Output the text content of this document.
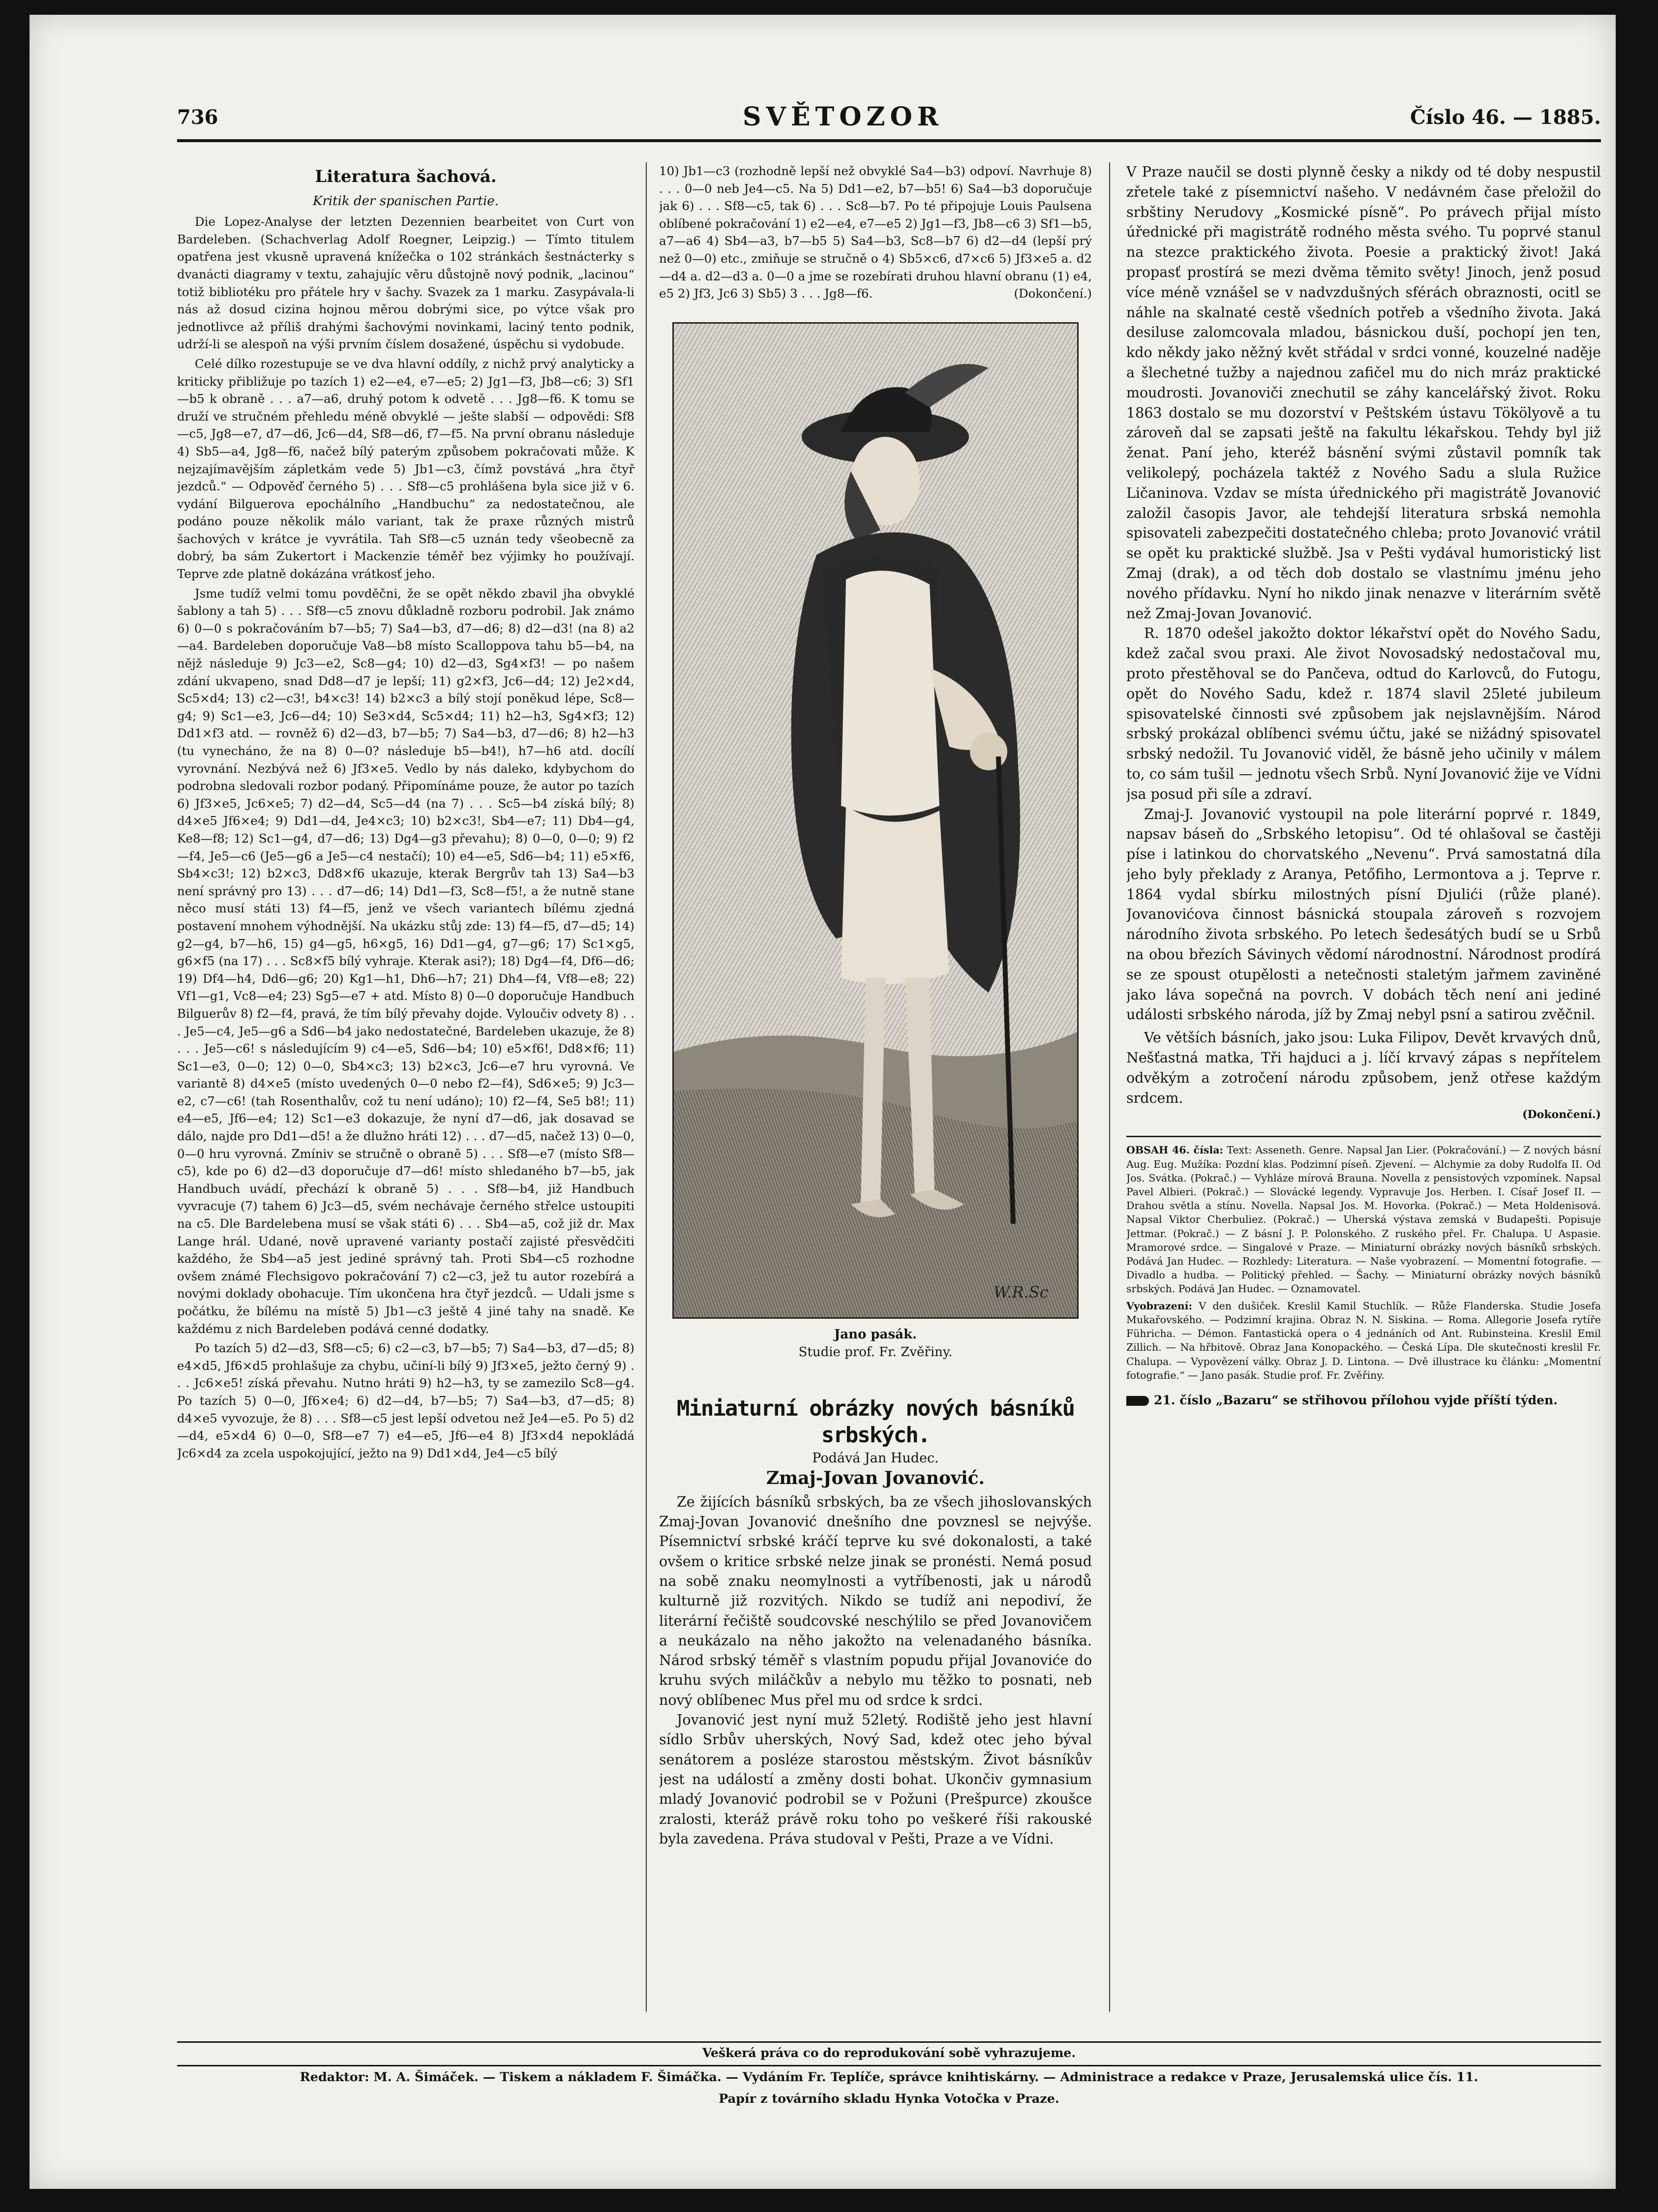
736	SVĚTOZOR	Číslo 46. — 1885.
Literatura šachová.
Kritik der spanischen Partie.

Die Lopez-Analyse der letzten Dezennien bearbeitet von Curt von Bardeleben. (Schachverlag Adolf Roegner, Leipzig.) — Tímto titulem opatřena jest vkusně upravená knížečka o 102 stránkách šestnácterky s dvanácti diagramy v textu, zahajujíc věru důstojně nový podnik, „lacinou“ totiž bibliotéku pro přátele hry v šachy. Svazek za 1 marku. Zasypávala-li nás až dosud cizina hojnou měrou dobrými sice, po výtce však pro jednotlivce až příliš drahými šachovými novinkami, laciný tento podnik, udrží-li se alespoň na výši prvním číslem dosažené, úspěchu si vydobude.

Celé dílko rozestupuje se ve dva hlavní oddíly, z nichž prvý analyticky a kriticky přibližuje po tazích 1) e2—e4, e7—e5; 2) Jg1—f3, Jb8—c6; 3) Sf1—b5 k obraně . . . a7—a6, druhý potom k odvetě . . . Jg8—f6. K tomu se druží ve stručném přehledu méně obvyklé — ješte slabší — odpovědi: Sf8—c5, Jg8—e7, d7—d6, Jc6—d4, Sf8—d6, f7—f5. Na první obranu následuje 4) Sb5—a4, Jg8—f6, načež bílý paterým způsobem pokračovati může. K nejzajímavějším zápletkám vede 5) Jb1—c3, čímž povstává „hra čtyř jezdců.“ — Odpověď černého 5) . . . Sf8—c5 prohlášena byla sice již v 6. vydání Bilguerova epochálního „Handbuchu“ za nedostatečnou, ale podáno pouze několik málo variant, tak že praxe různých mistrů šachových v krátce je vyvrátila. Tah Sf8—c5 uznán tedy všeobecně za dobrý, ba sám Zukertort i Mackenzie téměř bez výjimky ho používají. Teprve zde platně dokázána vrátkosť jeho.

Jsme tudíž velmi tomu povděčni, že se opět někdo zbavil jha obvyklé šablony a tah 5) . . . Sf8—c5 znovu důkladně rozboru podrobil. Jak známo 6) 0—0 s pokračováním b7—b5; 7) Sa4—b3, d7—d6; 8) d2—d3! (na 8) a2—a4. Bardeleben doporučuje Va8—b8 místo Scalloppova tahu b5—b4, na nějž následuje 9) Jc3—e2, Sc8—g4; 10) d2—d3, Sg4×f3! — po našem zdání ukvapeno, snad Dd8—d7 je lepší; 11) g2×f3, Jc6—d4; 12) Je2×d4, Sc5×d4; 13) c2—c3!, b4×c3! 14) b2×c3 a bílý stojí poněkud lépe, Sc8—g4; 9) Sc1—e3, Jc6—d4; 10) Se3×d4, Sc5×d4; 11) h2—h3, Sg4×f3; 12) Dd1×f3 atd. — rovněž 6) d2—d3, b7—b5; 7) Sa4—b3, d7—d6; 8) h2—h3 (tu vynecháno, že na 8) 0—0? následuje b5—b4!), h7—h6 atd. docílí vyrovnání. Nezbývá než 6) Jf3×e5. Vedlo by nás daleko, kdybychom do podrobna sledovali rozbor podaný. Připomínáme pouze, že autor po tazích 6) Jf3×e5, Jc6×e5; 7) d2—d4, Sc5—d4 (na 7) . . . Sc5—b4 získá bílý; 8) d4×e5 Jf6×e4; 9) Dd1—d4, Je4×c3; 10) b2×c3!, Sb4—e7; 11) Db4—g4, Ke8—f8; 12) Sc1—g4, d7—d6; 13) Dg4—g3 převahu); 8) 0—0, 0—0; 9) f2—f4, Je5—c6 (Je5—g6 a Je5—c4 nestačí); 10) e4—e5, Sd6—b4; 11) e5×f6, Sb4×c3!; 12) b2×c3, Dd8×f6 ukazuje, kterak Bergrův tah 13) Sa4—b3 není správný pro 13) . . . d7—d6; 14) Dd1—f3, Sc8—f5!, a že nutně stane něco musí státi 13) f4—f5, jenž ve všech variantech bílému zjedná postavení mnohem výhodnější. Na ukázku stůj zde: 13) f4—f5, d7—d5; 14) g2—g4, b7—h6, 15) g4—g5, h6×g5, 16) Dd1—g4, g7—g6; 17) Sc1×g5, g6×f5 (na 17) . . . Sc8×f5 bílý vyhraje. Kterak asi?); 18) Dg4—f4, Df6—d6; 19) Df4—h4, Dd6—g6; 20) Kg1—h1, Dh6—h7; 21) Dh4—f4, Vf8—e8; 22) Vf1—g1, Vc8—e4; 23) Sg5—e7 + atd. Místo 8) 0—0 doporučuje Handbuch Bilguerův 8) f2—f4, pravá, že tím bílý převahy dojde. Vyloučiv odvety 8) . . . Je5—c4, Je5—g6 a Sd6—b4 jako nedostatečné, Bardeleben ukazuje, že 8) . . . Je5—c6! s následujícím 9) c4—e5, Sd6—b4; 10) e5×f6!, Dd8×f6; 11) Sc1—e3, 0—0; 12) 0—0, Sb4×c3; 13) b2×c3, Jc6—e7 hru vyrovná. Ve variantě 8) d4×e5 (místo uvedených 0—0 nebo f2—f4), Sd6×e5; 9) Jc3—e2, c7—c6! (tah Rosenthalův, což tu není udáno); 10) f2—f4, Se5 b8!; 11) e4—e5, Jf6—e4; 12) Sc1—e3 dokazuje, že nyní d7—d6, jak dosavad se dálo, najde pro Dd1—d5! a že dlužno hráti 12) . . . d7—d5, načež 13) 0—0, 0—0 hru vyrovná. Zmíniv se stručně o obraně 5) . . . Sf8—e7 (místo Sf8—c5), kde po 6) d2—d3 doporučuje d7—d6! místo shledaného b7—b5, jak Handbuch uvádí, přechází k obraně 5) . . . Sf8—b4, již Handbuch vyvracuje (7) tahem 6) Jc3—d5, svém nechávaje černého střelce ustoupiti na c5. Dle Bardelebena musí se však státi 6) . . . Sb4—a5, což již dr. Max Lange hrál. Udané, nově upravené varianty postačí zajisté přesvědčiti každého, že Sb4—a5 jest jediné správný tah. Proti Sb4—c5 rozhodne ovšem známé Flechsigovo pokračování 7) c2—c3, jež tu autor rozebírá a novými doklady obohacuje. Tím ukončena hra čtyř jezdců. — Udali jsme s počátku, že bílému na místě 5) Jb1—c3 ještě 4 jiné tahy na snadě. Ke každému z nich Bardeleben podává cenné dodatky.

Po tazích 5) d2—d3, Sf8—c5; 6) c2—c3, b7—b5; 7) Sa4—b3, d7—d5; 8) e4×d5, Jf6×d5 prohlašuje za chybu, učiní-li bílý 9) Jf3×e5, ježto černý 9) . . . Jc6×e5! získá převahu. Nutno hráti 9) h2—h3, ty se zamezilo Sc8—g4. Po tazích 5) 0—0, Jf6×e4; 6) d2—d4, b7—b5; 7) Sa4—b3, d7—d5; 8) d4×e5 vyvozuje, že 8) . . . Sf8—c5 jest lepší odvetou než Je4—e5. Po 5) d2—d4, e5×d4 6) 0—0, Sf8—e7 7) e4—e5, Jf6—e4 8) Jf3×d4 nepokládá Jc6×d4 za zcela uspokojující, ježto na 9) Dd1×d4, Je4—c5 bílý

10) Jb1—c3 (rozhodně lepší než obvyklé Sa4—b3) odpoví. Navrhuje 8) . . . 0—0 neb Je4—c5. Na 5) Dd1—e2, b7—b5! 6) Sa4—b3 doporučuje jak 6) . . . Sf8—c5, tak 6) . . . Sc8—b7. Po té připojuje Louis Paulsena oblíbené pokračování 1) e2—e4, e7—e5 2) Jg1—f3, Jb8—c6 3) Sf1—b5, a7—a6 4) Sb4—a3, b7—b5 5) Sa4—b3, Sc8—b7 6) d2—d4 (lepší prý než 0—0) etc., zmiňuje se stručně o 4) Sb5×c6, d7×c6 5) Jf3×e5 a. d2—d4 a. d2—d3 a. 0—0 a jme se rozebírati druhou hlavní obranu (1) e4, e5 2) Jf3, Jc6 3) Sb5) 3 . . . Jg8—f6.	(Dokončení.)
W.R.Sc
Jano pasák.
Studie prof. Fr. Zvěřiny.
Miniaturní obrázky nových básníků srbských.
Podává Jan Hudec.
Zmaj-Jovan Jovanović.

Ze žijících básníků srbských, ba ze všech jihoslovanských Zmaj-Jovan Jovanović dnešního dne povznesl se nejvýše. Písemnictví srbské kráčí teprve ku své dokonalosti, a také ovšem o kritice srbské nelze jinak se pronésti. Nemá posud na sobě znaku neomylnosti a vytříbenosti, jak u národů kulturně již rozvitých. Nikdo se tudíž ani nepodiví, že literární řečiště soudcovské neschýlilo se před Jovanovičem a neukázalo na něho jakožto na velenadaného básníka. Národ srbský téměř s vlastním popudu přijal Jovanoviće do kruhu svých miláčkův a nebylo mu těžko to posnati, neb nový oblíbenec Mus přel mu od srdce k srdci.

Jovanović jest nyní muž 52letý. Rodiště jeho jest hlavní sídlo Srbův uherských, Nový Sad, kdež otec jeho býval senátorem a posléze starostou městským. Život básníkův jest na událostí a změny dosti bohat. Ukončiv gymnasium mladý Jovanović podrobil se v Požuni (Prešpurce) zkoušce zralosti, kteráž právě roku toho po veškeré říši rakouské byla zavedena. Práva studoval v Pešti, Praze a ve Vídni.

V Praze naučil se dosti plynně česky a nikdy od té doby nespustil zřetele také z písemnictví našeho. V nedávném čase přeložil do srbštiny Nerudovy „Kosmické písně“. Po právech přijal místo úřednické při magistrátě rodného města svého. Tu poprvé stanul na stezce praktického života. Poesie a praktický život! Jaká propasť prostírá se mezi dvěma těmito světy! Jinoch, jenž posud více méně vznášel se v nadvzdušných sférách obraznosti, ocitl se náhle na skalnaté cestě všedních potřeb a všedního života. Jaká desiluse zalomcovala mladou, básnickou duší, pochopí jen ten, kdo někdy jako něžný květ střádal v srdci vonné, kouzelné naděje a šlechetné tužby a najednou zafičel mu do nich mráz praktické moudrosti. Jovanoviči znechutil se záhy kancelářský život. Roku 1863 dostalo se mu dozorství v Peštském ústavu Tökölyově a tu zároveň dal se zapsati ještě na fakultu lékařskou. Tehdy byl již ženat. Paní jeho, kteréž básnění svými zůstavil pomník tak velikolepý, pocházela taktéž z Nového Sadu a slula Ružice Ličaninova. Vzdav se místa úřednického při magistrátě Jovanović založil časopis Javor, ale tehdejší literatura srbská nemohla spisovateli zabezpečiti dostatečného chleba; proto Jovanović vrátil se opět ku praktické službě. Jsa v Pešti vydával humoristický list Zmaj (drak), a od těch dob dostalo se vlastnímu jménu jeho nového přídavku. Nyní ho nikdo jinak nenazve v literárním světě než Zmaj-Jovan Jovanović.

R. 1870 odešel jakožto doktor lékařství opět do Nového Sadu, kdež začal svou praxi. Ale život Novosadský nedostačoval mu, proto přestěhoval se do Pančeva, odtud do Karlovců, do Futogu, opět do Nového Sadu, kdež r. 1874 slavil 25leté jubileum spisovatelské činnosti své způsobem jak nejslavnějším. Národ srbský prokázal oblíbenci svému účtu, jaké se nižádný spisovatel srbský nedožil. Tu Jovanović viděl, že básně jeho učinily v málem to, co sám tušil — jednotu všech Srbů. Nyní Jovanović žije ve Vídni jsa posud při síle a zdraví.

Zmaj-J. Jovanović vystoupil na pole literární poprvé r. 1849, napsav báseň do „Srbského letopisu“. Od té ohlašoval se častěji píse i latinkou do chorvatského „Nevenu“. Prvá samostatná díla jeho byly překlady z Aranya, Petőfiho, Lermontova a j. Teprve r. 1864 vydal sbírku milostných písní Djulići (růže plané). Jovanovićova činnost básnická stoupala zároveň s rozvojem národního života srbského. Po letech šedesátých budí se u Srbů na obou březích Sávinych vědomí národnostní. Národnost prodírá se ze spoust otupělosti a netečnosti staletým jařmem zaviněné jako láva sopečná na povrch. V dobách těch není ani jediné události srbského národa, jíž by Zmaj nebyl psní a satirou zvěčnil.

Ve větších básních, jako jsou: Luka Filipov, Devět krvavých dnů, Nešťastná matka, Tři hajduci a j. líčí krvavý zápas s nepřítelem odvěkým a zotročení národu způsobem, jenž otřese každým srdcem.

(Dokončení.)
OBSAH 46. čísla: Text: Asseneth. Genre. Napsal Jan Lier. (Pokračování.) — Z nových básní Aug. Eug. Mužíka: Pozdní klas. Podzimní píseň. Zjevení. — Alchymie za doby Rudolfa II. Od Jos. Svátka. (Pokrač.) — Vyhláze mírová Brauna. Novella z pensistových vzpomínek. Napsal Pavel Albieri. (Pokrač.) — Slovácké legendy. Vypravuje Jos. Herben. I. Císař Josef II. — Drahou světla a stínu. Novella. Napsal Jos. M. Hovorka. (Pokrač.) — Meta Holdenisová. Napsal Viktor Cherbuliez. (Pokrač.) — Uherská výstava zemská v Budapešti. Popisuje Jettmar. (Pokrač.) — Z básní J. P. Polonského. Z ruského přel. Fr. Chalupa. U Aspasie. Mramorové srdce. — Singalové v Praze. — Miniaturní obrázky nových básníků srbských. Podává Jan Hudec. — Rozhledy: Literatura. — Naše vyobrazení. — Momentní fotografie. — Divadlo a hudba. — Politický přehled. — Šachy. — Miniaturní obrázky nových básníků srbských. Podává Jan Hudec. — Oznamovatel.
Vyobrazení: V den dušiček. Kreslil Kamil Stuchlík. — Růže Flanderska. Studie Josefa Mukařovského. — Podzimní krajina. Obraz N. N. Siskina. — Roma. Allegorie Josefa rytíře Führicha. — Démon. Fantastická opera o 4 jednáních od Ant. Rubinsteina. Kreslil Emil Zillich. — Na hřbitově. Obraz Jana Konopackého. — Česká Lípa. Dle skutečnosti kreslil Fr. Chalupa. — Vypovězení války. Obraz J. D. Lintona. — Dvě illustrace ku článku: „Momentní fotografie.“ — Jano pasák. Studie prof. Fr. Zvěřiny.
21. číslo „Bazaru“ se střihovou přílohou vyjde příští týden.
Veškerá práva co do reprodukování sobě vyhrazujeme.
Redaktor: M. A. Šimáček. — Tiskem a nákladem F. Šimáčka. — Vydáním Fr. Teplíče, správce knihtiskárny. — Administrace a redakce v Praze, Jerusalemská ulice čís. 11.
Papír z továrního skladu Hynka Votočka v Praze.
